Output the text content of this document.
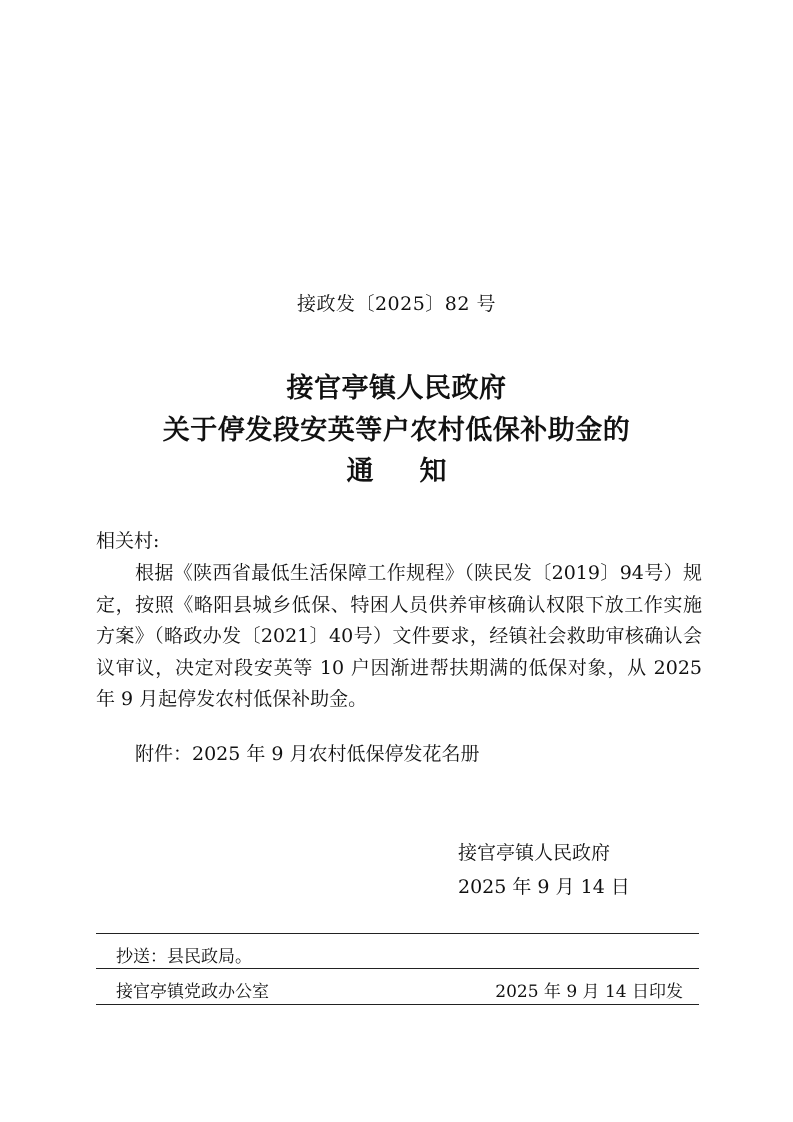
接政发〔2025〕82 号
接官亭镇人民政府
关于停发段安英等户农村低保补助金的
通 知
相关村:

根据《陕西省最低生活保障工作规程》（陕民发〔2019〕94号）规定，按照《略阳县城乡低保、特困人员供养审核确认权限下放工作实施方案》（略政办发〔2021〕40号）文件要求，经镇社会救助审核确认会议审议，决定对段安英等 10 户因渐进帮扶期满的低保对象，从 2025 年 9 月起停发农村低保补助金。

附件：2025 年 9 月农村低保停发花名册
接官亭镇人民政府
2025 年 9 月 14 日
抄送：县民政局。
接官亭镇党政办公室	2025 年 9 月 14 日印发
